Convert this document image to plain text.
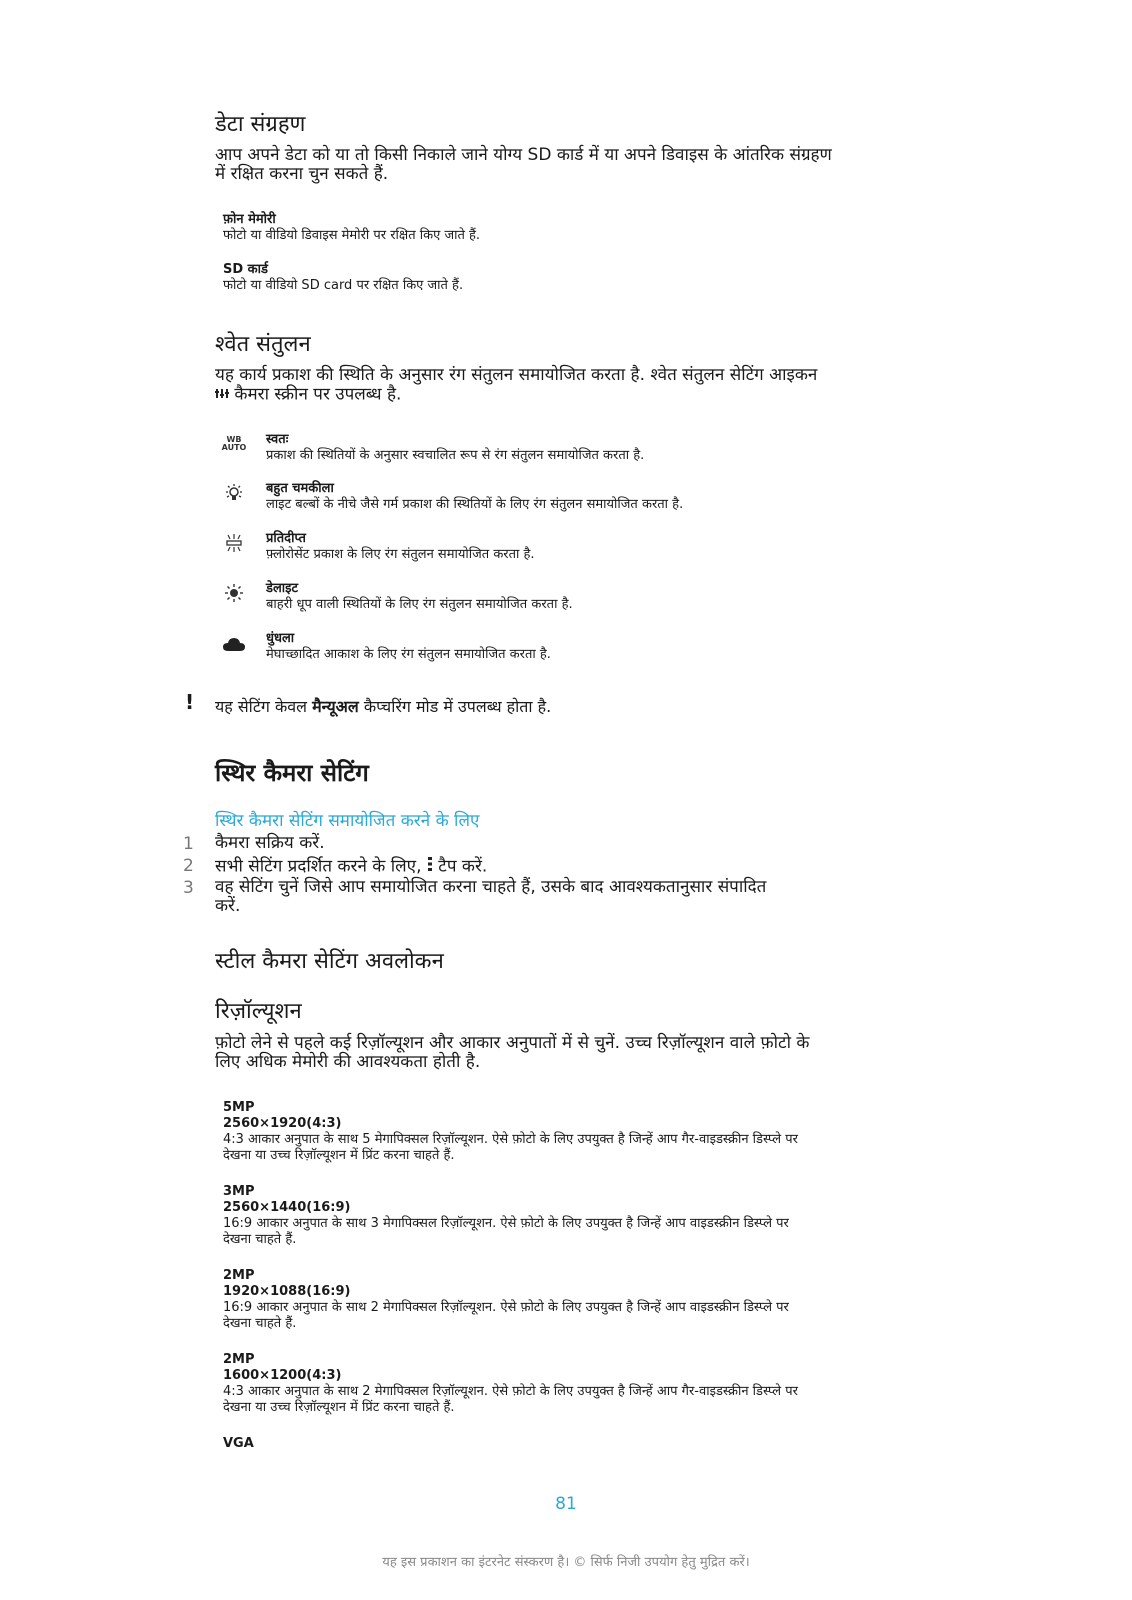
डेटा संग्रहण
आप अपने डेटा को या तो किसी निकाले जाने योग्य SD कार्ड में या अपने डिवाइस के आंतरिक संग्रहण
में रक्षित करना चुन सकते हैं.
फ़ोन मेमोरी
फोटो या वीडियो डिवाइस मेमोरी पर रक्षित किए जाते हैं.
SD कार्ड
फोटो या वीडियो SD card पर रक्षित किए जाते हैं.
श्वेत संतुलन
यह कार्य प्रकाश की स्थिति के अनुसार रंग संतुलन समायोजित करता है. श्वेत संतुलन सेटिंग आइकन
कैमरा स्क्रीन पर उपलब्ध है.
WB
AUTO
स्वतः
प्रकाश की स्थितियों के अनुसार स्वचालित रूप से रंग संतुलन समायोजित करता है.
बहुत चमकीला
लाइट बल्बों के नीचे जैसे गर्म प्रकाश की स्थितियों के लिए रंग संतुलन समायोजित करता है.
प्रतिदीप्त
फ़्लोरोसेंट प्रकाश के लिए रंग संतुलन समायोजित करता है.
डेलाइट
बाहरी धूप वाली स्थितियों के लिए रंग संतुलन समायोजित करता है.
धुंधला
मेघाच्छादित आकाश के लिए रंग संतुलन समायोजित करता है.
! यह सेटिंग केवल मैन्यूअल कैप्चरिंग मोड में उपलब्ध होता है.
स्थिर कैमरा सेटिंग
स्थिर कैमरा सेटिंग समायोजित करने के लिए
1	कैमरा सक्रिय करें.
2	सभी सेटिंग प्रदर्शित करने के लिए,  टैप करें.
3	वह सेटिंग चुनें जिसे आप समायोजित करना चाहते हैं, उसके बाद आवश्यकतानुसार संपादित
करें.
स्टील कैमरा सेटिंग अवलोकन
रिज़ॉल्यूशन
फ़ोटो लेने से पहले कई रिज़ॉल्यूशन और आकार अनुपातों में से चुनें. उच्च रिज़ॉल्यूशन वाले फ़ोटो के
लिए अधिक मेमोरी की आवश्यकता होती है.
5MP
2560×1920(4:3)
4:3 आकार अनुपात के साथ 5 मेगापिक्सल रिज़ॉल्यूशन. ऐसे फ़ोटो के लिए उपयुक्त है जिन्हें आप गैर-वाइडस्क्रीन डिस्प्ले पर
देखना या उच्च रिज़ॉल्यूशन में प्रिंट करना चाहते हैं.
3MP
2560×1440(16:9)
16:9 आकार अनुपात के साथ 3 मेगापिक्सल रिज़ॉल्यूशन. ऐसे फ़ोटो के लिए उपयुक्त है जिन्हें आप वाइडस्क्रीन डिस्प्ले पर
देखना चाहते हैं.
2MP
1920×1088(16:9)
16:9 आकार अनुपात के साथ 2 मेगापिक्सल रिज़ॉल्यूशन. ऐसे फ़ोटो के लिए उपयुक्त है जिन्हें आप वाइडस्क्रीन डिस्प्ले पर
देखना चाहते हैं.
2MP
1600×1200(4:3)
4:3 आकार अनुपात के साथ 2 मेगापिक्सल रिज़ॉल्यूशन. ऐसे फ़ोटो के लिए उपयुक्त है जिन्हें आप गैर-वाइडस्क्रीन डिस्प्ले पर
देखना या उच्च रिज़ॉल्यूशन में प्रिंट करना चाहते हैं.
VGA
81
यह इस प्रकाशन का इंटरनेट संस्करण है। © सिर्फ निजी उपयोग हेतु मुद्रित करें।
